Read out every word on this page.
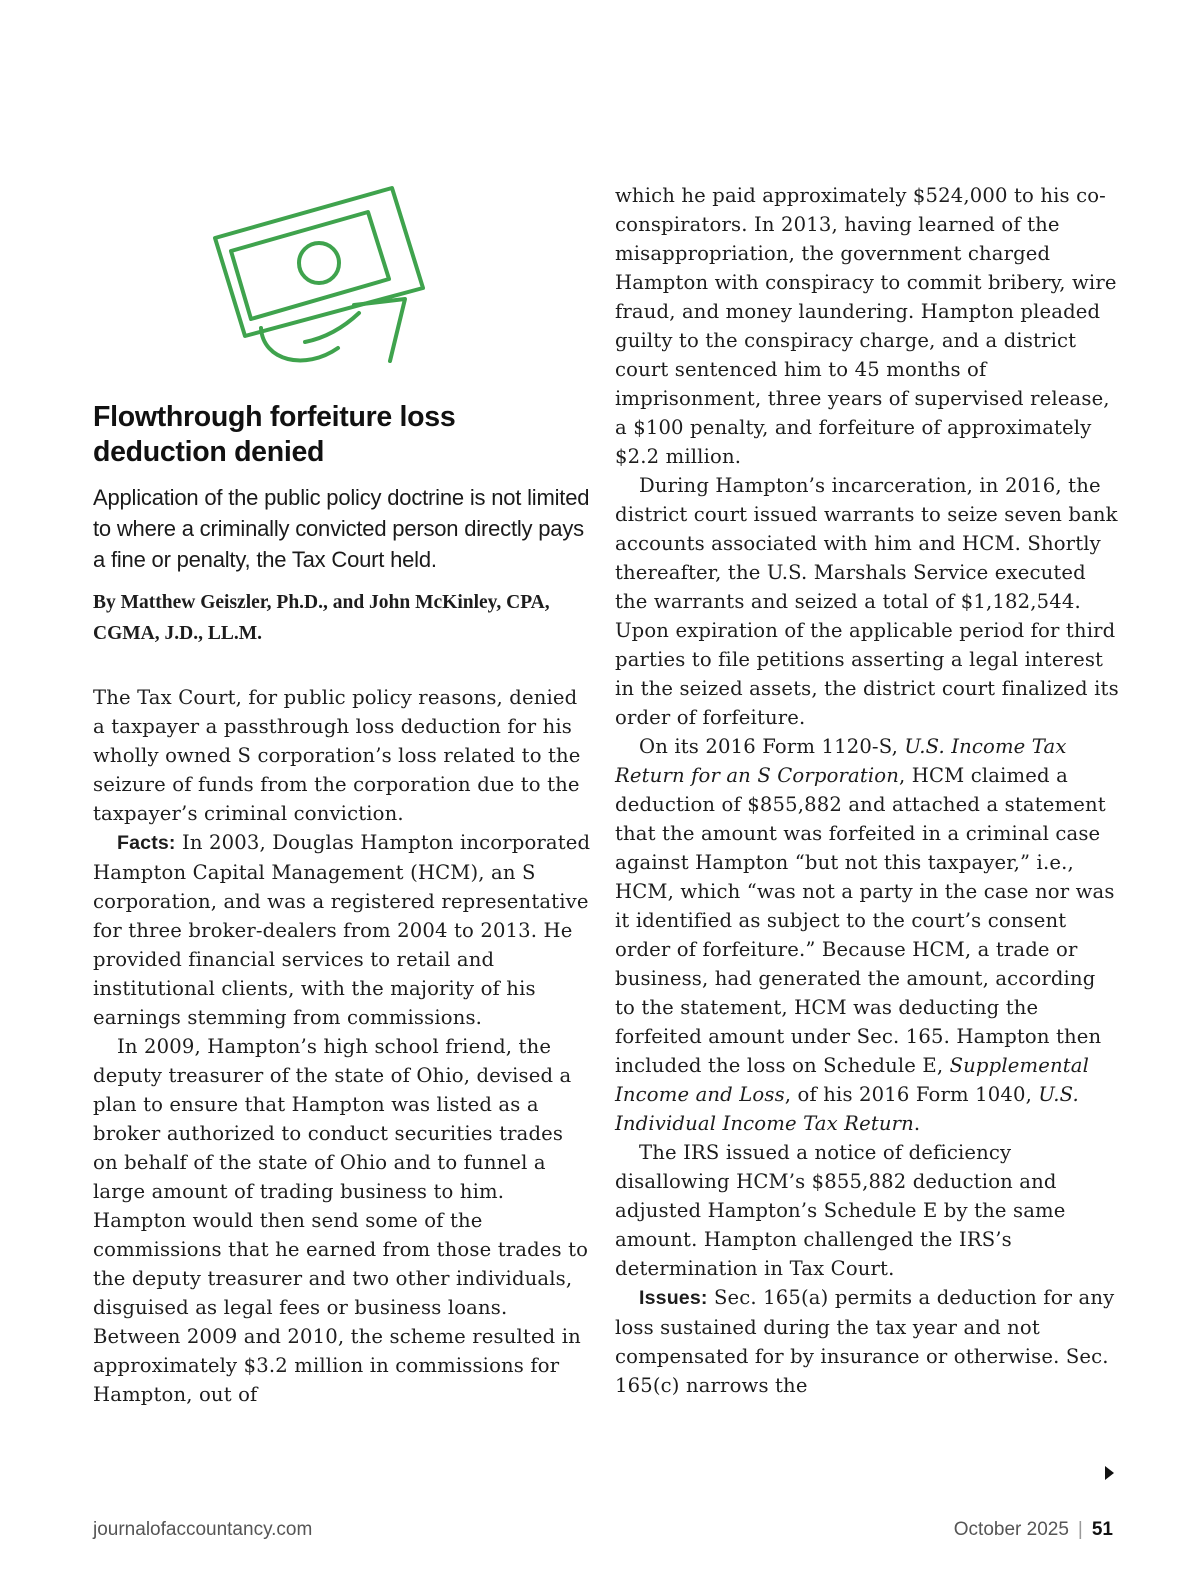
Flowthrough forfeiture loss deduction denied

Application of the public policy doctrine is not limited to where a criminally convicted person directly pays a fine or penalty, the Tax Court held.

By Matthew Geiszler, Ph.D., and John McKinley, CPA, CGMA, J.D., LL.M.

The Tax Court, for public policy reasons, denied a taxpayer a passthrough loss deduction for his wholly owned S corporation’s loss related to the seizure of funds from the corporation due to the taxpayer’s criminal conviction.

Facts: In 2003, Douglas Hampton incorporated Hampton Capital Management (HCM), an S corporation, and was a registered representative for three broker-dealers from 2004 to 2013. He provided financial services to retail and institutional clients, with the majority of his earnings stemming from commissions.

In 2009, Hampton’s high school friend, the deputy treasurer of the state of Ohio, devised a plan to ensure that Hampton was listed as a broker authorized to conduct securities trades on behalf of the state of Ohio and to funnel a large amount of trading business to him. Hampton would then send some of the commissions that he earned from those trades to the deputy treasurer and two other individuals, disguised as legal fees or business loans. Between 2009 and 2010, the scheme resulted in approximately $3.2 million in commissions for Hampton, out of

which he paid approximately $524,000 to his co-conspirators. In 2013, having learned of the misappropriation, the government charged Hampton with conspiracy to commit bribery, wire fraud, and money laundering. Hampton pleaded guilty to the conspiracy charge, and a district court sentenced him to 45 months of imprisonment, three years of supervised release, a $100 penalty, and forfeiture of approximately $2.2 million.

During Hampton’s incarceration, in 2016, the district court issued warrants to seize seven bank accounts associated with him and HCM. Shortly thereafter, the U.S. Marshals Service executed the warrants and seized a total of $1,182,544. Upon expiration of the applicable period for third parties to file petitions asserting a legal interest in the seized assets, the district court finalized its order of forfeiture.

On its 2016 Form 1120-S, U.S. Income Tax Return for an S Corporation, HCM claimed a deduction of $855,882 and attached a statement that the amount was forfeited in a criminal case against Hampton “but not this taxpayer,” i.e., HCM, which “was not a party in the case nor was it identified as subject to the court’s consent order of forfeiture.” Because HCM, a trade or business, had generated the amount, according to the statement, HCM was deducting the forfeited amount under Sec. 165. Hampton then included the loss on Schedule E, Supplemental Income and Loss, of his 2016 Form 1040, U.S. Individual Income Tax Return.

The IRS issued a notice of deficiency disallowing HCM’s $855,882 deduction and adjusted Hampton’s Schedule E by the same amount. Hampton challenged the IRS’s determination in Tax Court.

Issues: Sec. 165(a) permits a deduction for any loss sustained during the tax year and not compensated for by insurance or otherwise. Sec. 165(c) narrows the

journalofaccountancy.com	October 2025 | 51
